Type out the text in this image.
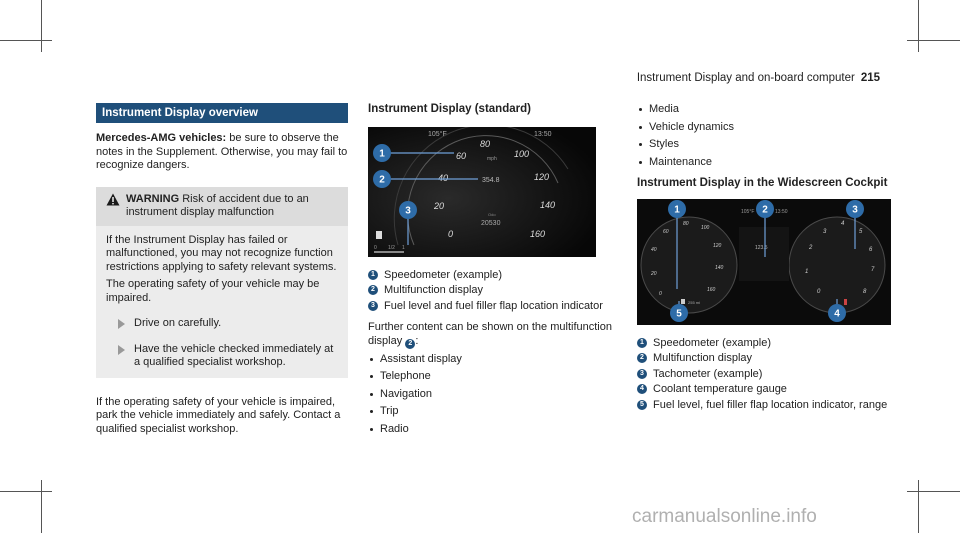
Instrument Display and on-board computer 215
Instrument Display overview

Mercedes-AMG vehicles: be sure to observe the notes in the Supplement. Otherwise, you may fail to recognize dangers.

WARNING Risk of accident due to an instrument display malfunction

If the Instrument Display has failed or malfunctioned, you may not recognize function restrictions applying to safety relevant systems.

The operating safety of your vehicle may be impaired.

Drive on carefully.
Have the vehicle checked immediately at a qualified specialist workshop.

If the operating safety of your vehicle is impaired, park the vehicle immediately and safely. Contact a qualified specialist workshop.

Instrument Display (standard)
105°F	13:50
0
20
40
60
80
100
120
140
160
mph
354.8
Odo
20530
0 1/2 1
1
2
3
1 Speedometer (example)
2 Multifunction display
3 Fuel level and fuel filler flap location indicator

Further content can be shown on the multifunction display 2 :

Assistant display
Telephone
Navigation
Trip
Radio
Media
Vehicle dynamics
Styles
Maintenance
Instrument Display in the Widescreen Cockpit
105°F	13:50
123.5
0
20
40
60
80
100
120
140
160
255 mi
0
1
2
3
4
5
6
7
8
1	2	3
4
5
1 Speedometer (example)
2 Multifunction display
3 Tachometer (example)
4 Coolant temperature gauge
5 Fuel level, fuel filler flap location indicator, range
carmanualsonline.info
